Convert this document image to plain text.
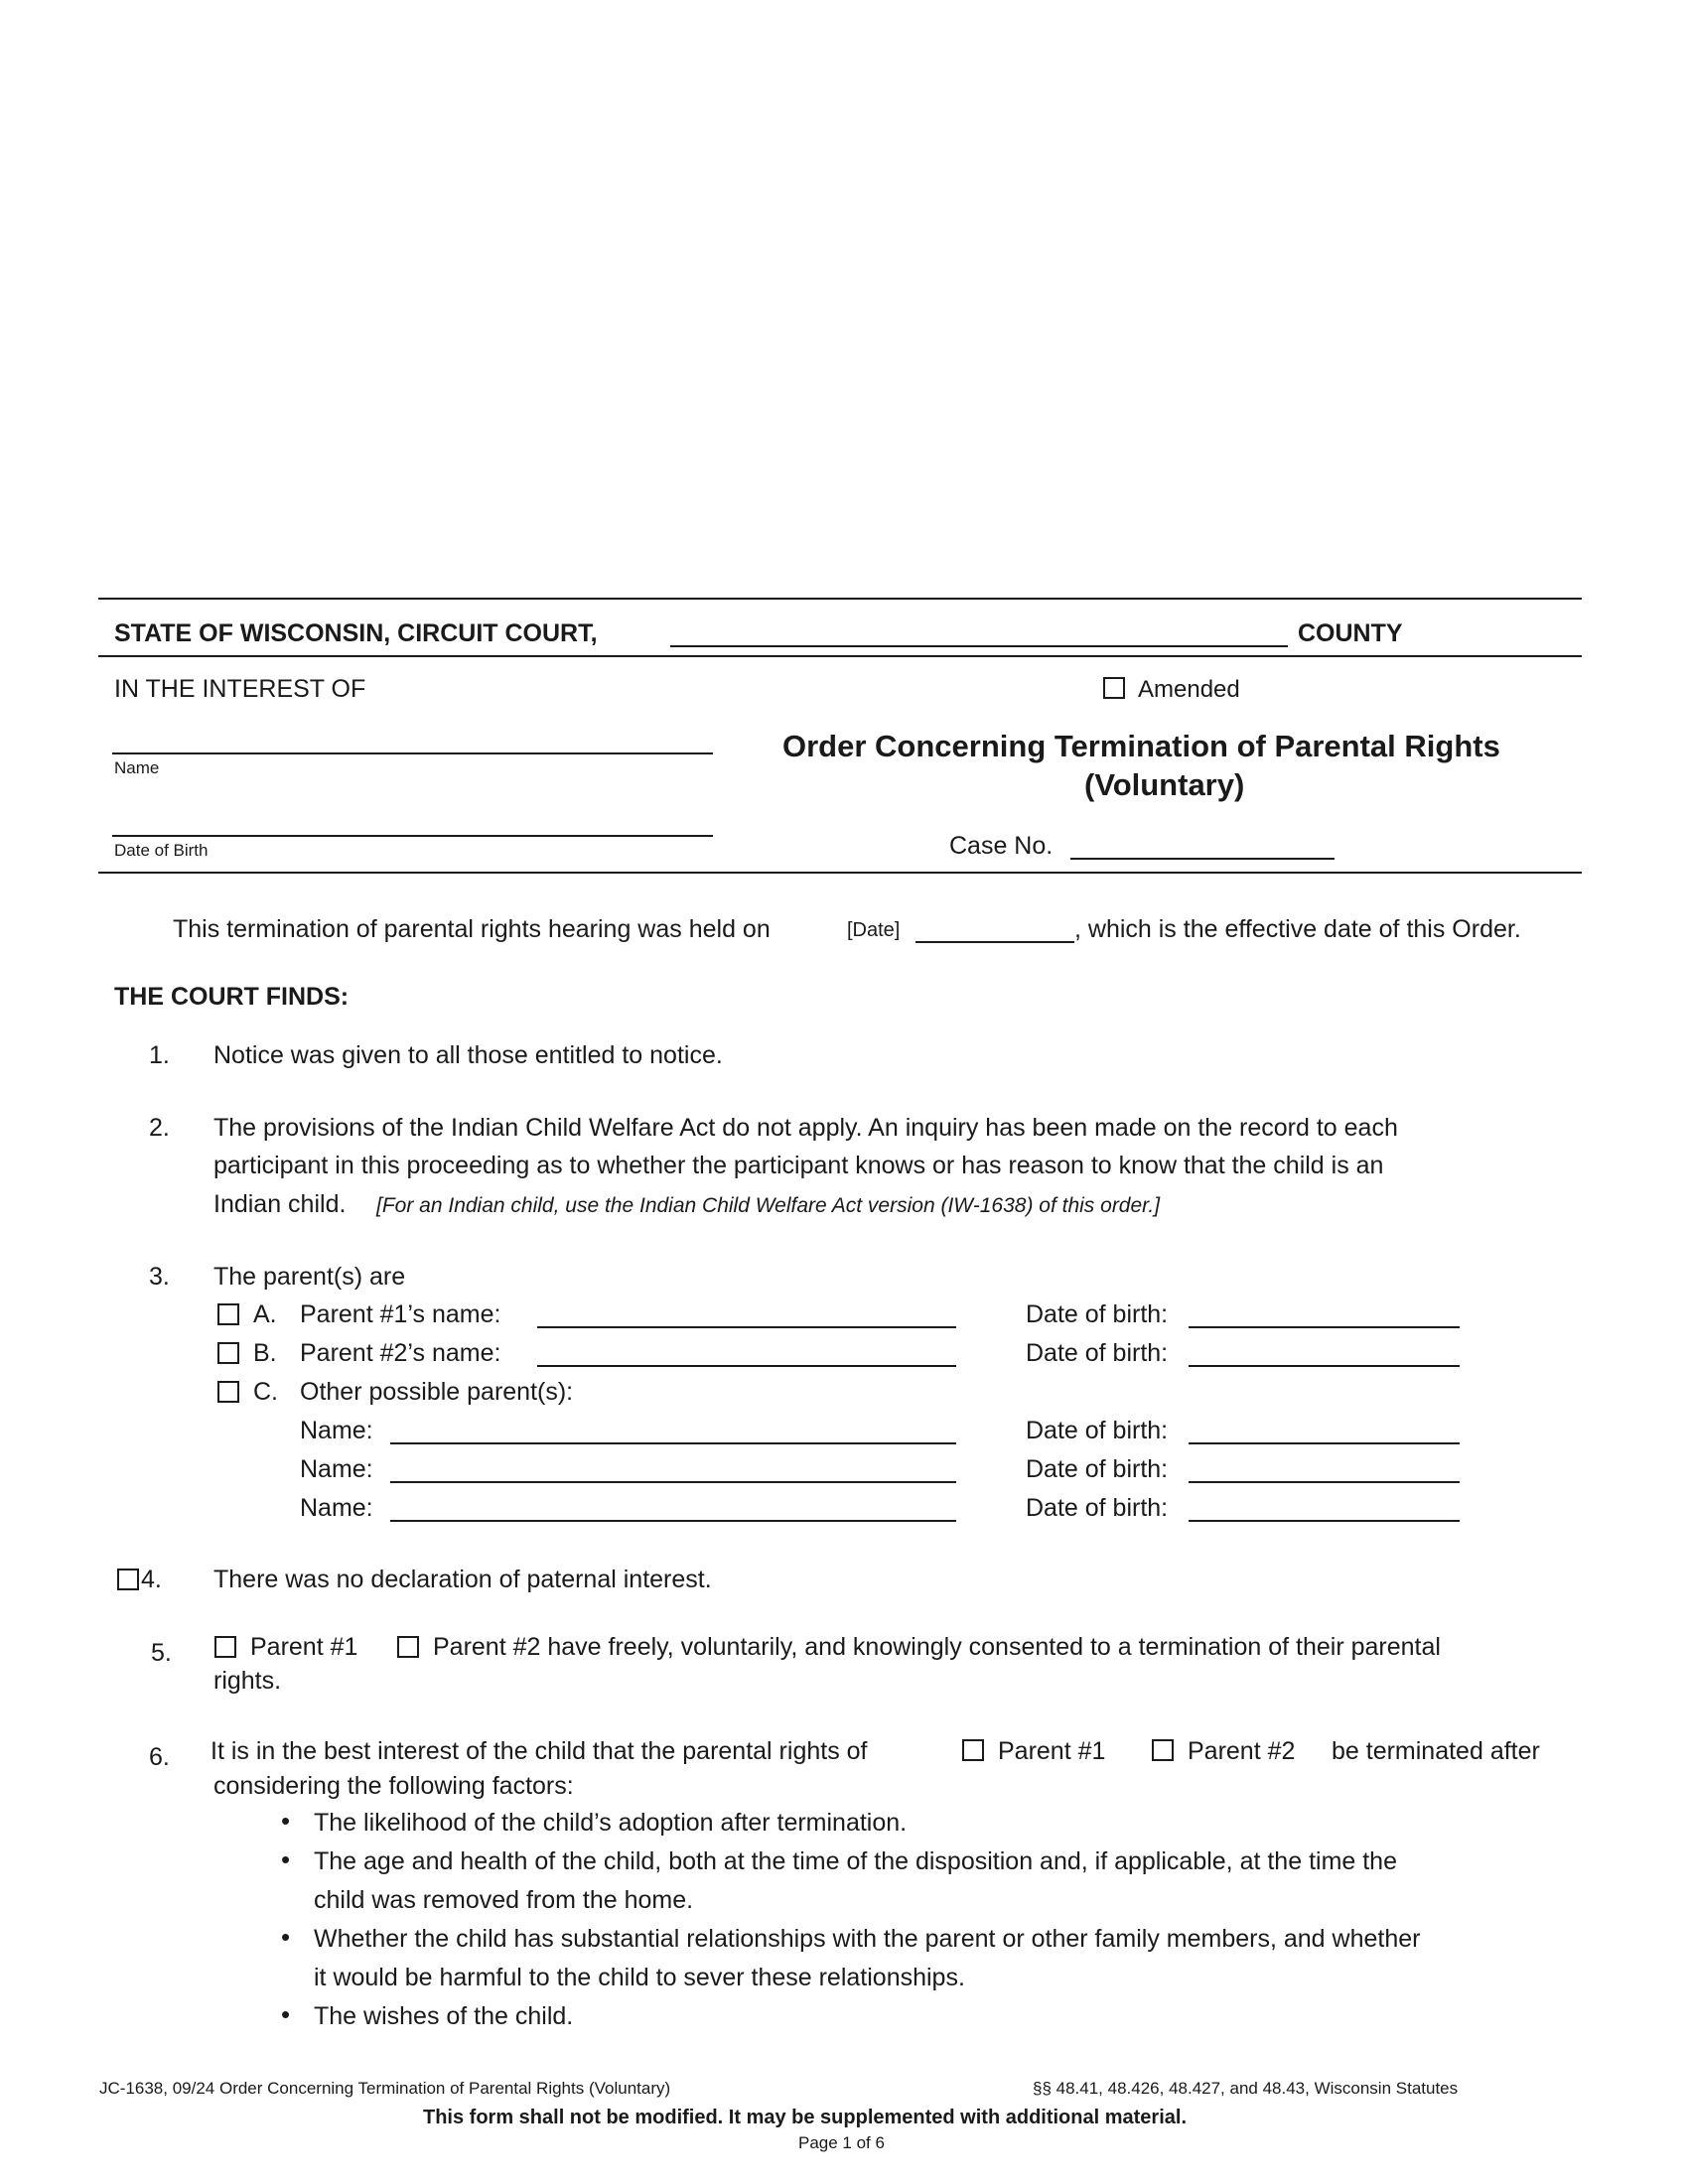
STATE OF WISCONSIN, CIRCUIT COURT,	COUNTY
IN THE INTEREST OF	Amended
Name
Order Concerning Termination of Parental Rights
(Voluntary)
Date of Birth	Case No.
This termination of parental rights hearing was held on	[Date]	, which is the effective date of this Order.
THE COURT FINDS:
1. Notice was given to all those entitled to notice.
2. The provisions of the Indian Child Welfare Act do not apply. An inquiry has been made on the record to each
participant in this proceeding as to whether the participant knows or has reason to know that the child is an
Indian child. [For an Indian child, use the Indian Child Welfare Act version (IW-1638) of this order.]
3. The parent(s) are
A. Parent #1’s name:	Date of birth:
B. Parent #2’s name:	Date of birth:
C. Other possible parent(s):
Name:	Date of birth:
Name:	Date of birth:
Name:	Date of birth:
4. There was no declaration of paternal interest.
5.	Parent #1	Parent #2 have freely, voluntarily, and knowingly consented to a termination of their parental
rights.
6. It is in the best interest of the child that the parental rights of	Parent #1	Parent #2 be terminated after
considering the following factors:
• The likelihood of the child’s adoption after termination.
• The age and health of the child, both at the time of the disposition and, if applicable, at the time the
child was removed from the home.
• Whether the child has substantial relationships with the parent or other family members, and whether
it would be harmful to the child to sever these relationships.
• The wishes of the child.
JC-1638, 09/24 Order Concerning Termination of Parental Rights (Voluntary)	§§ 48.41, 48.426, 48.427, and 48.43, Wisconsin Statutes
This form shall not be modified. It may be supplemented with additional material.
Page 1 of 6
